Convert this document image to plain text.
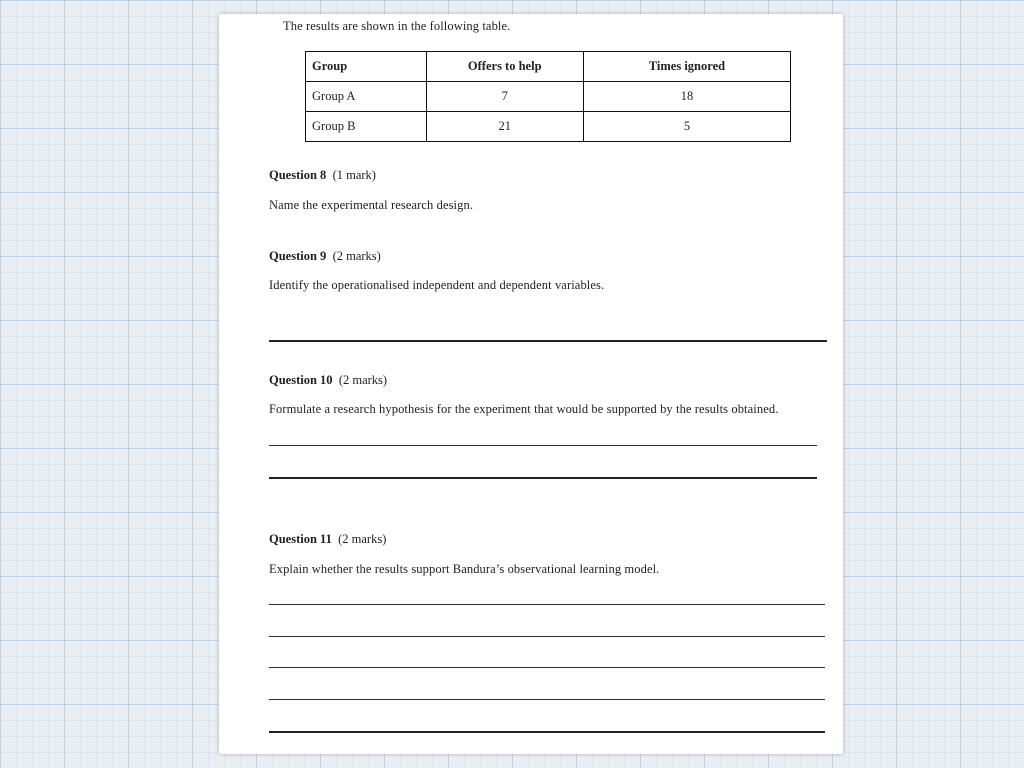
The results are shown in the following table.
Group	Offers to help	Times ignored
Group A	7	18
Group B	21	5
Question 8 (1 mark)
Name the experimental research design.
Question 9 (2 marks)
Identify the operationalised independent and dependent variables.
Question 10 (2 marks)
Formulate a research hypothesis for the experiment that would be supported by the results obtained.
Question 11 (2 marks)
Explain whether the results support Bandura’s observational learning model.
